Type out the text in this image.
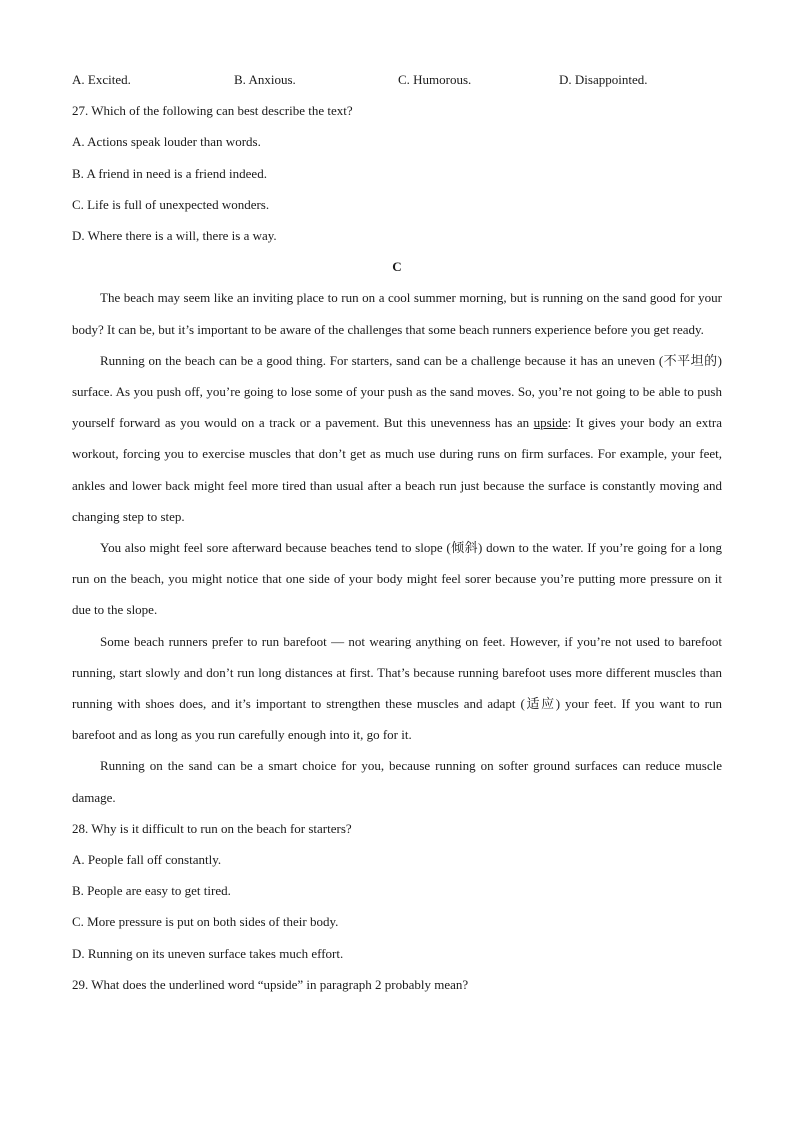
A. Excited.	B. Anxious.	C. Humorous.	D. Disappointed.
27. Which of the following can best describe the text?
A. Actions speak louder than words.
B. A friend in need is a friend indeed.
C. Life is full of unexpected wonders.
D. Where there is a will, there is a way.
C

The beach may seem like an inviting place to run on a cool summer morning, but is running on the sand good for your body? It can be, but it’s important to be aware of the challenges that some beach runners experience before you get ready.

Running on the beach can be a good thing. For starters, sand can be a challenge because it has an uneven (不平坦的) surface. As you push off, you’re going to lose some of your push as the sand moves. So, you’re not going to be able to push yourself forward as you would on a track or a pavement. But this unevenness has an upside: It gives your body an extra workout, forcing you to exercise muscles that don’t get as much use during runs on firm surfaces. For example, your feet, ankles and lower back might feel more tired than usual after a beach run just because the surface is constantly moving and changing step to step.

You also might feel sore afterward because beaches tend to slope (倾斜) down to the water. If you’re going for a long run on the beach, you might notice that one side of your body might feel sorer because you’re putting more pressure on it due to the slope.

Some beach runners prefer to run barefoot — not wearing anything on feet. However, if you’re not used to barefoot running, start slowly and don’t run long distances at first. That’s because running barefoot uses more different muscles than running with shoes does, and it’s important to strengthen these muscles and adapt (适应) your feet. If you want to run barefoot and as long as you run carefully enough into it, go for it.

Running on the sand can be a smart choice for you, because running on softer ground surfaces can reduce muscle damage.

28. Why is it difficult to run on the beach for starters?
A. People fall off constantly.
B. People are easy to get tired.
C. More pressure is put on both sides of their body.
D. Running on its uneven surface takes much effort.
29. What does the underlined word “upside” in paragraph 2 probably mean?
